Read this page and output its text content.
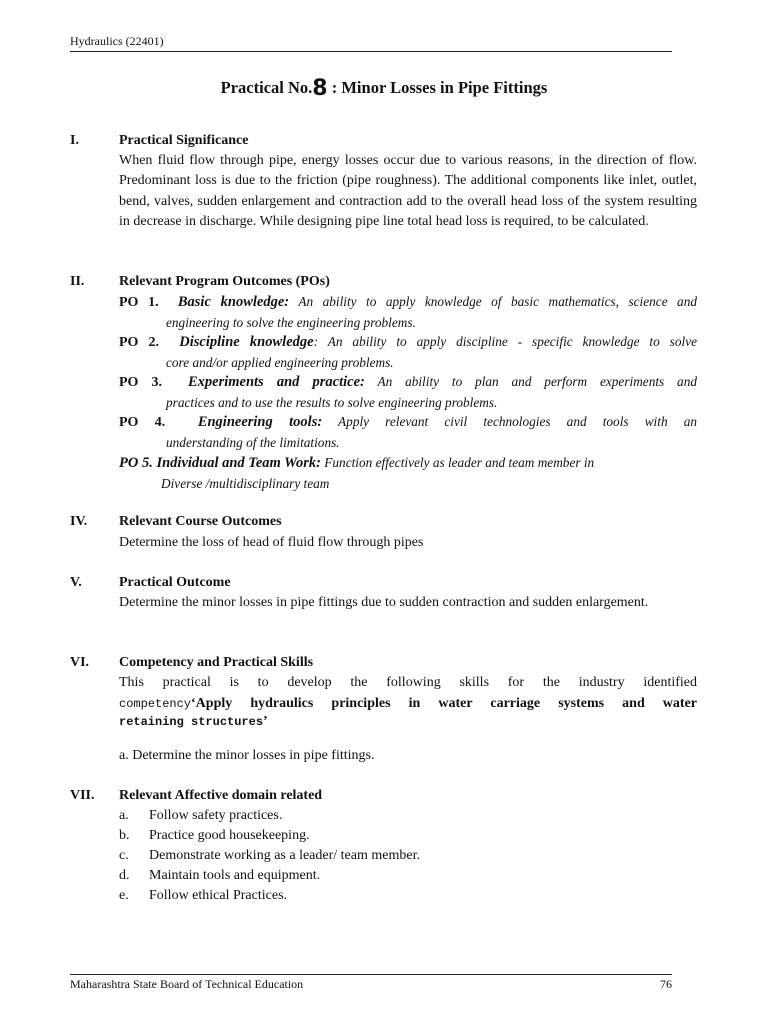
Hydraulics (22401)
Practical No.8 : Minor Losses in Pipe Fittings
I.	Practical Significance
When fluid flow through pipe, energy losses occur due to various reasons, in the direction of flow. Predominant loss is due to the friction (pipe roughness). The additional components like inlet, outlet, bend, valves, sudden enlargement and contraction add to the overall head loss of the system resulting in decrease in discharge. While designing pipe line total head loss is required, to be calculated.
II. Relevant Program Outcomes (POs)
PO 1. Basic knowledge: An ability to apply knowledge of basic mathematics, science and
engineering to solve the engineering problems.
PO 2. Discipline knowledge: An ability to apply discipline - specific knowledge to solve
core and/or applied engineering problems.
PO 3. Experiments and practice: An ability to plan and perform experiments and
practices and to use the results to solve engineering problems.
PO 4. Engineering tools: Apply relevant civil technologies and tools with an
understanding of the limitations.
PO 5. Individual and Team Work: Function effectively as leader and team member in
Diverse /multidisciplinary team
IV. Relevant Course Outcomes
Determine the loss of head of fluid flow through pipes
V.	Practical Outcome
Determine the minor losses in pipe fittings due to sudden contraction and sudden enlargement.
VI. Competency and Practical Skills
This practical is to develop the following skills for the industry identified
competency‘Apply hydraulics principles in water carriage systems and water
retaining structures’
a. Determine the minor losses in pipe fittings.
VII. Relevant Affective domain related
a. Follow safety practices.
b. Practice good housekeeping.
c. Demonstrate working as a leader/ team member.
d. Maintain tools and equipment.
e. Follow ethical Practices.
Maharashtra State Board of Technical Education	76
